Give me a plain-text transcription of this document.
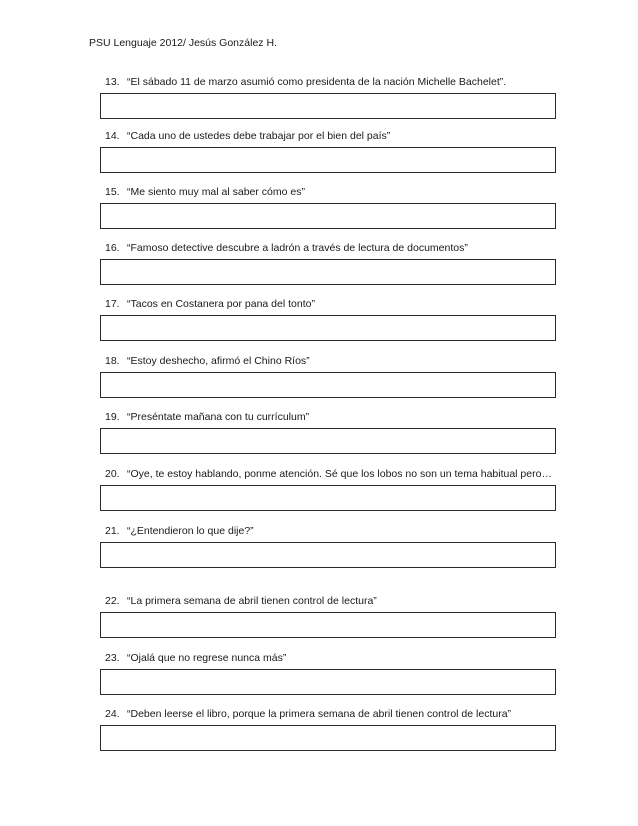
PSU Lenguaje 2012/ Jesús González H.
13. “El sábado 11 de marzo asumió como presidenta de la nación Michelle Bachelet”.
14. “Cada uno de ustedes debe trabajar por el bien del país”
15. “Me siento muy mal al saber cómo es”
16. “Famoso detective descubre a ladrón a través de lectura de documentos”
17. “Tacos en Costanera por pana del tonto”
18. “Estoy deshecho, afirmó el Chino Ríos”
19. “Preséntate mañana con tu currículum”
20. “Oye, te estoy hablando, ponme atención. Sé que los lobos no son un tema habitual pero…
21. “¿Entendieron lo que dije?”
22. “La primera semana de abril tienen control de lectura”
23. “Ojalá que no regrese nunca más”
24. “Deben leerse el libro, porque la primera semana de abril tienen control de lectura”
